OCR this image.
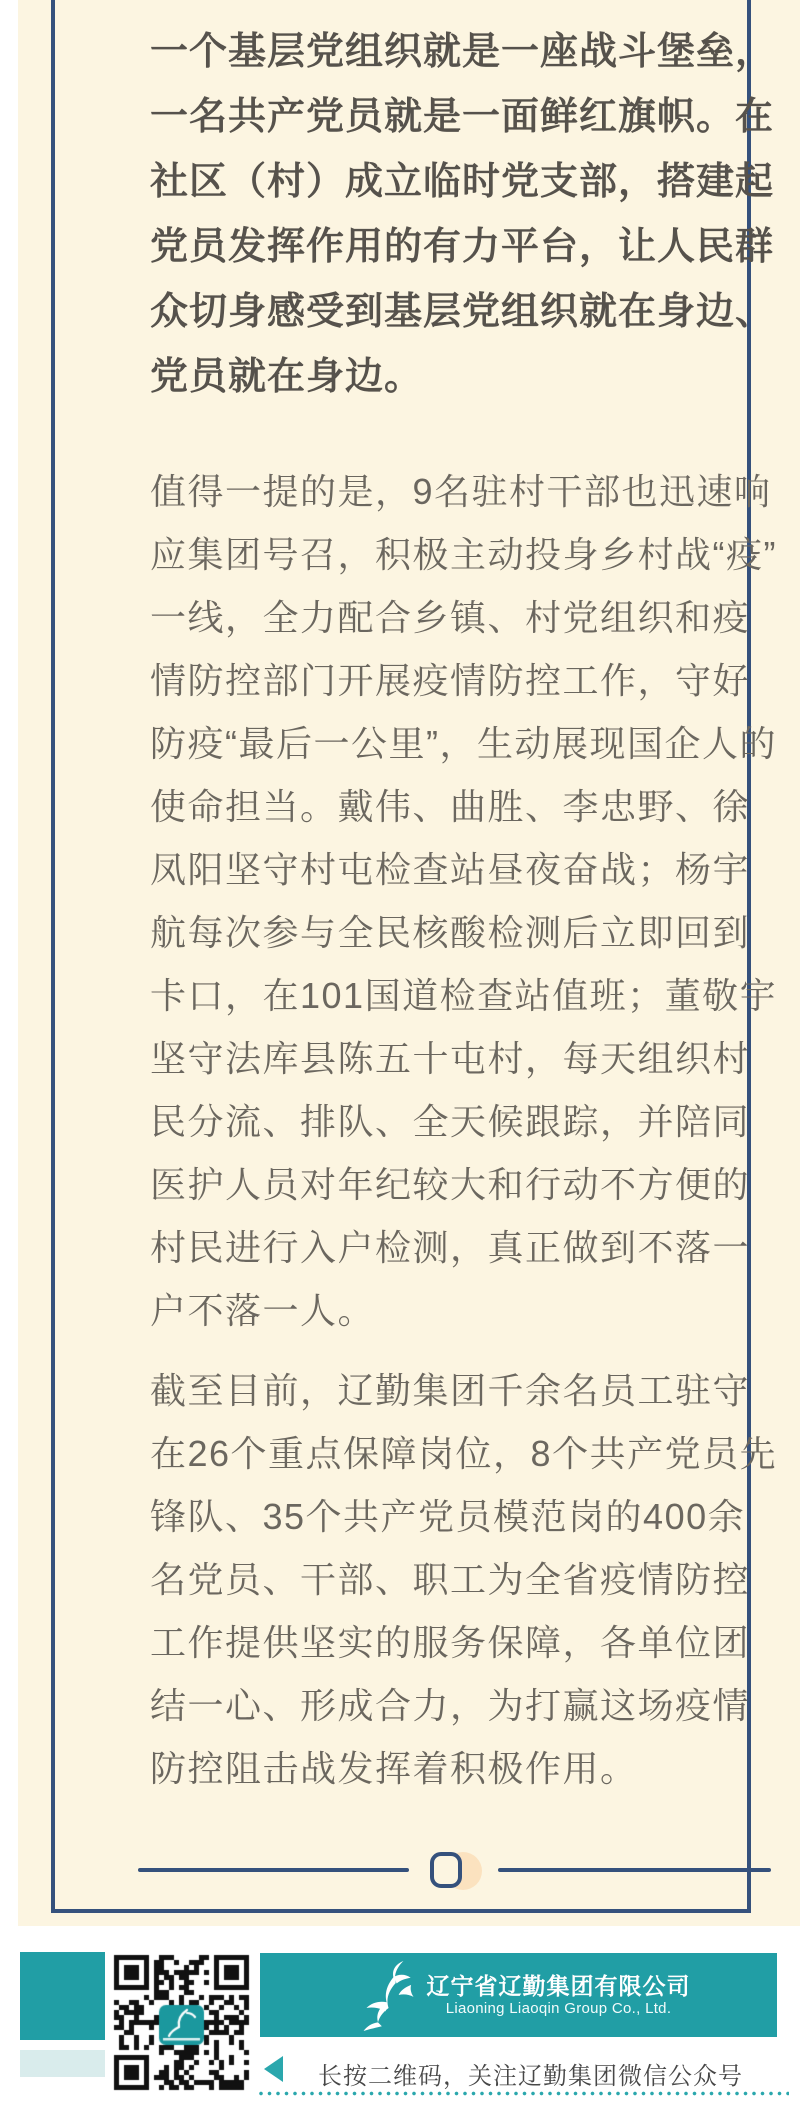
一个基层党组织就是一座战斗堡垒，
一名共产党员就是一面鲜红旗帜。在
社区（村）成立临时党支部，搭建起
党员发挥作用的有力平台，让人民群
众切身感受到基层党组织就在身边、
党员就在身边。
值得一提的是，9名驻村干部也迅速响
应集团号召，积极主动投身乡村战“疫”
一线，全力配合乡镇、村党组织和疫
情防控部门开展疫情防控工作，守好
防疫“最后一公里”，生动展现国企人的
使命担当。戴伟、曲胜、李忠野、徐
凤阳坚守村屯检查站昼夜奋战；杨宇
航每次参与全民核酸检测后立即回到
卡口，在101国道检查站值班；董敬宇
坚守法库县陈五十屯村，每天组织村
民分流、排队、全天候跟踪，并陪同
医护人员对年纪较大和行动不方便的
村民进行入户检测，真正做到不落一
户不落一人。
截至目前，辽勤集团千余名员工驻守
在26个重点保障岗位，8个共产党员先
锋队、35个共产党员模范岗的400余
名党员、干部、职工为全省疫情防控
工作提供坚实的服务保障，各单位团
结一心、形成合力，为打赢这场疫情
防控阻击战发挥着积极作用。
辽宁省辽勤集团有限公司
Liaoning Liaoqin Group Co., Ltd.
长按二维码，关注辽勤集团微信公众号
